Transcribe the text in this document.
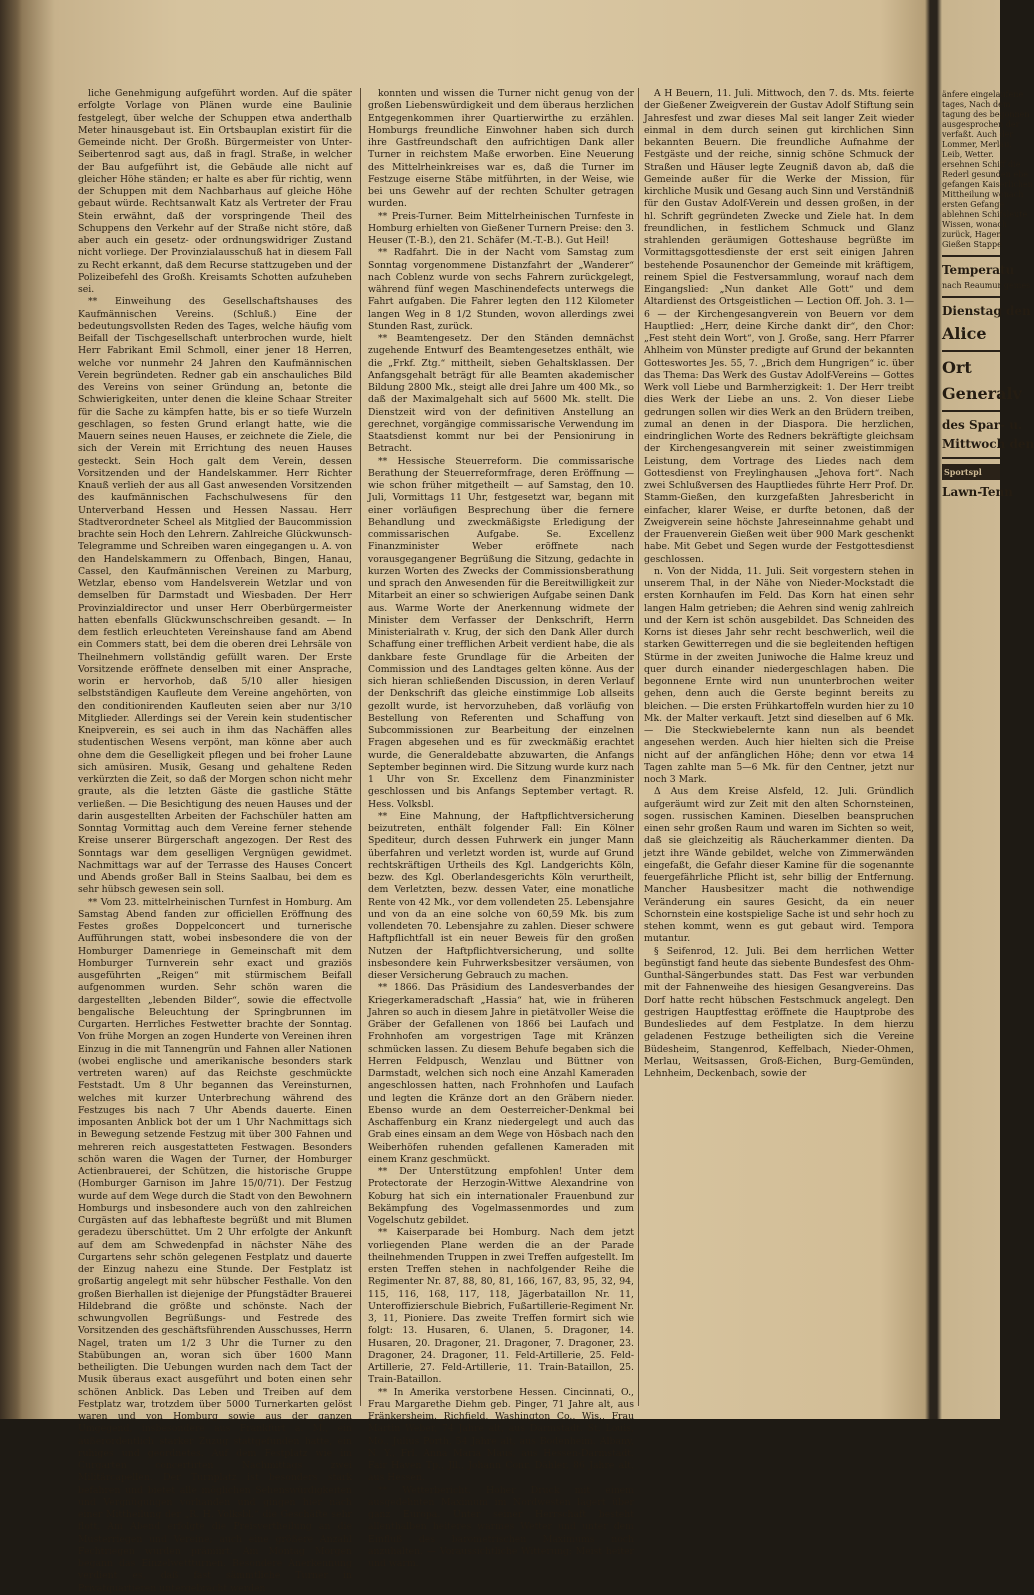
liche Genehmigung aufgeführt worden. Auf die später erfolgte Vorlage von Plänen wurde eine Baulinie festgelegt, über welche der Schuppen etwa anderthalb Meter hinausgebaut ist. Ein Ortsbauplan existirt für die Gemeinde nicht. Der Großh. Bürgermeister von Unter-Seibertenrod sagt aus, daß in fragl. Straße, in welcher der Bau aufgeführt ist, die Gebäude alle nicht auf gleicher Höhe ständen; er halte es aber für richtig, wenn der Schuppen mit dem Nachbarhaus auf gleiche Höhe gebaut würde. Rechtsanwalt Katz als Vertreter der Frau Stein erwähnt, daß der vorspringende Theil des Schuppens den Verkehr auf der Straße nicht störe, daß aber auch ein gesetz- oder ordnungswidriger Zustand nicht vorliege. Der Provinzialausschuß hat in diesem Fall zu Recht erkannt, daß dem Recurse stattzugeben und der Polizeibefehl des Großh. Kreisamts Schotten aufzuheben sei.

** Einweihung des Gesellschaftshauses des Kaufmännischen Vereins. (Schluß.) Eine der bedeutungsvollsten Reden des Tages, welche häufig vom Beifall der Tischgesellschaft unterbrochen wurde, hielt Herr Fabrikant Emil Schmoll, einer jener 18 Herren, welche vor nunmehr 24 Jahren den Kaufmännischen Verein begründeten. Redner gab ein anschauliches Bild des Vereins von seiner Gründung an, betonte die Schwierigkeiten, unter denen die kleine Schaar Streiter für die Sache zu kämpfen hatte, bis er so tiefe Wurzeln geschlagen, so festen Grund erlangt hatte, wie die Mauern seines neuen Hauses, er zeichnete die Ziele, die sich der Verein mit Errichtung des neuen Hauses gesteckt. Sein Hoch galt dem Verein, dessen Vorsitzenden und der Handelskammer. Herr Richter Knauß verlieh der aus all Gast anwesenden Vorsitzenden des kaufmännischen Fachschulwesens für den Unterverband Hessen und Hessen Nassau. Herr Stadtverordneter Scheel als Mitglied der Baucommission brachte sein Hoch den Lehrern. Zahlreiche Glückwunsch-Telegramme und Schreiben waren eingegangen u. A. von den Handelskammern zu Offenbach, Bingen, Hanau, Cassel, den Kaufmännischen Vereinen zu Marburg, Wetzlar, ebenso vom Handelsverein Wetzlar und von demselben für Darmstadt und Wiesbaden. Der Herr Provinzialdirector und unser Herr Oberbürgermeister hatten ebenfalls Glückwunschschreiben gesandt. — In dem festlich erleuchteten Vereinshause fand am Abend ein Commers statt, bei dem die oberen drei Lehrsäle von Theilnehmern vollständig gefüllt waren. Der Erste Vorsitzende eröffnete denselben mit einer Ansprache, worin er hervorhob, daß 5/10 aller hiesigen selbstständigen Kaufleute dem Vereine angehörten, von den conditionirenden Kaufleuten seien aber nur 3/10 Mitglieder. Allerdings sei der Verein kein studentischer Kneipverein, es sei auch in ihm das Nachäffen alles studentischen Wesens verpönt, man könne aber auch ohne dem die Geselligkeit pflegen und bei froher Laune sich amüsiren. Musik, Gesang und gehaltene Reden verkürzten die Zeit, so daß der Morgen schon nicht mehr graute, als die letzten Gäste die gastliche Stätte verließen. — Die Besichtigung des neuen Hauses und der darin ausgestellten Arbeiten der Fachschüler hatten am Sonntag Vormittag auch dem Vereine ferner stehende Kreise unserer Bürgerschaft angezogen. Der Rest des Sonntags war dem geselligen Vergnügen gewidmet. Nachmittags war auf der Terrasse des Hauses Concert und Abends großer Ball in Steins Saalbau, bei dem es sehr hübsch gewesen sein soll.

** Vom 23. mittelrheinischen Turnfest in Homburg. Am Samstag Abend fanden zur officiellen Eröffnung des Festes großes Doppelconcert und turnerische Aufführungen statt, wobei insbesondere die von der Homburger Damenriege in Gemeinschaft mit dem Homburger Turnverein sehr exact und graziös ausgeführten „Reigen“ mit stürmischem Beifall aufgenommen wurden. Sehr schön waren die dargestellten „lebenden Bilder“, sowie die effectvolle bengalische Beleuchtung der Springbrunnen im Curgarten. Herrliches Festwetter brachte der Sonntag. Von frühe Morgen an zogen Hunderte von Vereinen ihren Einzug in die mit Tannengrün und Fahnen aller Nationen (wobei englische und amerikanische besonders stark vertreten waren) auf das Reichste geschmückte Feststadt. Um 8 Uhr begannen das Vereinsturnen, welches mit kurzer Unterbrechung während des Festzuges bis nach 7 Uhr Abends dauerte. Einen imposanten Anblick bot der um 1 Uhr Nachmittags sich in Bewegung setzende Festzug mit über 300 Fahnen und mehreren reich ausgestatteten Festwagen. Besonders schön waren die Wagen der Turner, der Homburger Actienbrauerei, der Schützen, die historische Gruppe (Homburger Garnison im Jahre 15/0/71). Der Festzug wurde auf dem Wege durch die Stadt von den Bewohnern Homburgs und insbesondere auch von den zahlreichen Curgästen auf das lebhafteste begrüßt und mit Blumen geradezu überschüttet. Um 2 Uhr erfolgte der Ankunft auf dem am Schwedenpfad in nächster Nähe des Curgartens sehr schön gelegenen Festplatz und dauerte der Einzug nahezu eine Stunde. Der Festplatz ist großartig angelegt mit sehr hübscher Festhalle. Von den großen Bierhallen ist diejenige der Pfungstädter Brauerei Hildebrand die größte und schönste. Nach der schwungvollen Begrüßungs- und Festrede des Vorsitzenden des geschäftsführenden Ausschusses, Herrn Nagel, traten um 1/2 3 Uhr die Turner zu den Stabübungen an, woran sich über 1600 Mann betheiligten. Die Uebungen wurden nach dem Tact der Musik überaus exact ausgeführt und boten einen sehr schönen Anblick. Das Leben und Treiben auf dem Festplatz war, trotzdem über 5000 Turnerkarten gelöst waren und von Homburg sowie aus der ganzen Umgegend, insbesondere aus Frankfurt a. M., ein außerordentlich starker Zuzug stattgefunden hatte, ein ruhiges und geordnetes. Auf dem Festplatz wie im Curgarten concertirten Nachmittags zwei Militärcapellen. Der Turnplatz ist besonders stark befahren und bietet alle möglichen Sehenswürdigkeiten und Vergnügungen vorhanden und gingen hier nach einer Mittheilung der „R. H. Volksbl.“ die Geschäfte sehr flott. Am Abend erfolgte die Preisvertheilung an die Musterriegen und Vereine; auch eine größere Anzahl Fechtriegen wurden prämiirt. Am Montag Morgen begann das Einzelwettturnen. Besondere Anerkennung verdient es, daß fast sämmtliche Turner in Privatquartieren untergebracht werden

konnten und wissen die Turner nicht genug von der großen Liebenswürdigkeit und dem überaus herzlichen Entgegenkommen ihrer Quartierwirthe zu erzählen. Homburgs freundliche Einwohner haben sich durch ihre Gastfreundschaft den aufrichtigen Dank aller Turner in reichstem Maße erworben. Eine Neuerung des Mittelrheinkreises war es, daß die Turner im Festzuge eiserne Stäbe mitführten, in der Weise, wie bei uns Gewehr auf der rechten Schulter getragen wurden.

** Preis-Turner. Beim Mittelrheinischen Turnfeste in Homburg erhielten von Gießener Turnern Preise: den 3. Heuser (T.-B.), den 21. Schäfer (M.-T.-B.). Gut Heil!

** Radfahrt. Die in der Nacht vom Samstag zum Sonntag vorgenommene Distanzfahrt der „Wanderer“ nach Coblenz wurde von sechs Fahrern zurückgelegt, während fünf wegen Maschinendefects unterwegs die Fahrt aufgaben. Die Fahrer legten den 112 Kilometer langen Weg in 8 1/2 Stunden, wovon allerdings zwei Stunden Rast, zurück.

** Beamtengesetz. Der den Ständen demnächst zugehende Entwurf des Beamtengesetzes enthält, wie die „Frkf. Ztg.“ mittheilt, sieben Gehaltsklassen. Der Anfangsgehalt beträgt für alle Beamten akademischer Bildung 2800 Mk., steigt alle drei Jahre um 400 Mk., so daß der Maximalgehalt sich auf 5600 Mk. stellt. Die Dienstzeit wird von der definitiven Anstellung an gerechnet, vorgängige commissarische Verwendung im Staatsdienst kommt nur bei der Pensionirung in Betracht.

** Hessische Steuerreform. Die commissarische Berathung der Steuerreformfrage, deren Eröffnung — wie schon früher mitgetheilt — auf Samstag, den 10. Juli, Vormittags 11 Uhr, festgesetzt war, begann mit einer vorläufigen Besprechung über die fernere Behandlung und zweckmäßigste Erledigung der commissarischen Aufgabe. Se. Excellenz Finanzminister Weber eröffnete nach vorausgegangener Begrüßung die Sitzung, gedachte in kurzen Worten des Zwecks der Commissionsberathung und sprach den Anwesenden für die Bereitwilligkeit zur Mitarbeit an einer so schwierigen Aufgabe seinen Dank aus. Warme Worte der Anerkennung widmete der Minister dem Verfasser der Denkschrift, Herrn Ministerialrath v. Krug, der sich den Dank Aller durch Schaffung einer trefflichen Arbeit verdient habe, die als dankbare feste Grundlage für die Arbeiten der Commission und des Landtages gelten könne. Aus der sich hieran schließenden Discussion, in deren Verlauf der Denkschrift das gleiche einstimmige Lob allseits gezollt wurde, ist hervorzuheben, daß vorläufig von Bestellung von Referenten und Schaffung von Subcommissionen zur Bearbeitung der einzelnen Fragen abgesehen und es für zweckmäßig erachtet wurde, die Generaldebatte abzuwarten, die Anfangs September beginnen wird. Die Sitzung wurde kurz nach 1 Uhr von Sr. Excellenz dem Finanzminister geschlossen und bis Anfangs September vertagt. R. Hess. Volksbl.

** Eine Mahnung, der Haftpflichtversicherung beizutreten, enthält folgender Fall: Ein Kölner Spediteur, durch dessen Fuhrwerk ein junger Mann überfahren und verletzt worden ist, wurde auf Grund rechtskräftigen Urtheils des Kgl. Landgerichts Köln, bezw. des Kgl. Oberlandesgerichts Köln verurtheilt, dem Verletzten, bezw. dessen Vater, eine monatliche Rente von 42 Mk., vor dem vollendeten 25. Lebensjahre und von da an eine solche von 60,59 Mk. bis zum vollendeten 70. Lebensjahre zu zahlen. Dieser schwere Haftpflichtfall ist ein neuer Beweis für den großen Nutzen der Haftpflichtversicherung, und sollte insbesondere kein Fuhrwerksbesitzer versäumen, von dieser Versicherung Gebrauch zu machen.

** 1866. Das Präsidium des Landesverbandes der Kriegerkameradschaft „Hassia“ hat, wie in früheren Jahren so auch in diesem Jahre in pietätvoller Weise die Gräber der Gefallenen von 1866 bei Laufach und Frohnhofen am vorgestrigen Tage mit Kränzen schmücken lassen. Zu diesem Behufe begaben sich die Herren Feldpusch, Wenzlau und Büttner von Darmstadt, welchen sich noch eine Anzahl Kameraden angeschlossen hatten, nach Frohnhofen und Laufach und legten die Kränze dort an den Gräbern nieder. Ebenso wurde an dem Oesterreicher-Denkmal bei Aschaffenburg ein Kranz niedergelegt und auch das Grab eines einsam an dem Wege von Hösbach nach den Weiberhöfen ruhenden gefallenen Kameraden mit einem Kranz geschmückt.

** Der Unterstützung empfohlen! Unter dem Protectorate der Herzogin-Wittwe Alexandrine von Koburg hat sich ein internationaler Frauenbund zur Bekämpfung des Vogelmassenmordes und zum Vogelschutz gebildet.

** Kaiserparade bei Homburg. Nach dem jetzt vorliegenden Plane werden die an der Parade theilnehmenden Truppen in zwei Treffen aufgestellt. Im ersten Treffen stehen in nachfolgender Reihe die Regimenter Nr. 87, 88, 80, 81, 166, 167, 83, 95, 32, 94, 115, 116, 168, 117, 118, Jägerbataillon Nr. 11, Unteroffizierschule Biebrich, Fußartillerie-Regiment Nr. 3, 11, Pioniere. Das zweite Treffen formirt sich wie folgt: 13. Husaren, 6. Ulanen, 5. Dragoner, 14. Husaren, 20. Dragoner, 21. Dragoner, 7. Dragoner, 23. Dragoner, 24. Dragoner, 11. Feld-Artillerie, 25. Feld-Artillerie, 27. Feld-Artillerie, 11. Train-Bataillon, 25. Train-Bataillon.

** In Amerika verstorbene Hessen. Cincinnati, O., Frau Margarethe Diehm geb. Pinger, 71 Jahre alt, aus Fränkersheim. Richfield, Washington Co., Wis., Frau Martin Weber, 74 Jahre alt, aus Darmstadt. St. Louis, Mo., Julius Porth, 54 Jahre alt, aus Bodenheim. Albany, N. Y., Frl. Anna Maria Maus, aus Hessen-Darmstadt. Fair Haven Tp., Jll., Johann Conr. Dähler, 86 Jahre alt, aus Hessen.

** Wetterbericht. Hoher Druck mit einem ausgedehnten Maximum im Nordwesten lagert über ganz Europa. Unter seiner Herrschaft besteht allenthalben heiteres warmes Wetter und unter dem Einfluß des barometrischen Maximums noch anzuhalten. — Voraussichtliche Witterung: Meist heiter und warm.

A H Beuern, 11. Juli. Mittwoch, den 7. ds. Mts. feierte der Gießener Zweigverein der Gustav Adolf Stiftung sein Jahresfest und zwar dieses Mal seit langer Zeit wieder einmal in dem durch seinen gut kirchlichen Sinn bekannten Beuern. Die freundliche Aufnahme der Festgäste und der reiche, sinnig schöne Schmuck der Straßen und Häuser legte Zeugniß davon ab, daß die Gemeinde außer für die Werke der Mission, für kirchliche Musik und Gesang auch Sinn und Verständniß für den Gustav Adolf-Verein und dessen großen, in der hl. Schrift gegründeten Zwecke und Ziele hat. In dem freundlichen, in festlichem Schmuck und Glanz strahlenden geräumigen Gotteshause begrüßte im Vormittagsgottesdienste der erst seit einigen Jahren bestehende Posaunenchor der Gemeinde mit kräftigem, reinem Spiel die Festversammlung, worauf nach dem Eingangslied: „Nun danket Alle Gott“ und dem Altardienst des Ortsgeistlichen — Lection Off. Joh. 3. 1—6 — der Kirchengesangverein von Beuern vor dem Hauptlied: „Herr, deine Kirche dankt dir“, den Chor: „Fest steht dein Wort“, von J. Große, sang. Herr Pfarrer Ahlheim von Münster predigte auf Grund der bekannten Gotteswortes Jes. 55, 7. „Brich dem Hungrigen“ ic. über das Thema: Das Werk des Gustav Adolf-Vereins — Gottes Werk voll Liebe und Barmherzigkeit: 1. Der Herr treibt dies Werk der Liebe an uns. 2. Von dieser Liebe gedrungen sollen wir dies Werk an den Brüdern treiben, zumal an denen in der Diaspora. Die herzlichen, eindringlichen Worte des Redners bekräftigte gleichsam der Kirchengesangverein mit seiner zweistimmigen Leistung, dem Vortrage des Liedes nach dem Gottesdienst von Freylinghausen „Jehova fort“. Nach zwei Schlußversen des Hauptliedes führte Herr Prof. Dr. Stamm-Gießen, den kurzgefaßten Jahresbericht in einfacher, klarer Weise, er durfte betonen, daß der Zweigverein seine höchste Jahreseinnahme gehabt und der Frauenverein Gießen weit über 900 Mark geschenkt habe. Mit Gebet und Segen wurde der Festgottesdienst geschlossen.

n. Von der Nidda, 11. Juli. Seit vorgestern stehen in unserem Thal, in der Nähe von Nieder-Mockstadt die ersten Kornhaufen im Feld. Das Korn hat einen sehr langen Halm getrieben; die Aehren sind wenig zahlreich und der Kern ist schön ausgebildet. Das Schneiden des Korns ist dieses Jahr sehr recht beschwerlich, weil die starken Gewitterregen und die sie begleitenden heftigen Stürme in der zweiten Juniwoche die Halme kreuz und quer durch einander niedergeschlagen haben. Die begonnene Ernte wird nun ununterbrochen weiter gehen, denn auch die Gerste beginnt bereits zu bleichen. — Die ersten Frühkartoffeln wurden hier zu 10 Mk. der Malter verkauft. Jetzt sind dieselben auf 6 Mk. — Die Steckwiebelernte kann nun als beendet angesehen werden. Auch hier hielten sich die Preise nicht auf der anfänglichen Höhe; denn vor etwa 14 Tagen zahlte man 5—6 Mk. für den Centner, jetzt nur noch 3 Mark.

Δ Aus dem Kreise Alsfeld, 12. Juli. Gründlich aufgeräumt wird zur Zeit mit den alten Schornsteinen, sogen. russischen Kaminen. Dieselben beanspruchen einen sehr großen Raum und waren im Sichten so weit, daß sie gleichzeitig als Räucherkammer dienten. Da jetzt ihre Wände gebildet, welche von Zimmerwänden eingefaßt, die Gefahr dieser Kamine für die sogenannte feuergefährliche Pflicht ist, sehr billig der Entfernung. Mancher Hausbesitzer macht die nothwendige Veränderung ein saures Gesicht, da ein neuer Schornstein eine kostspielige Sache ist und sehr hoch zu stehen kommt, wenn es gut gebaut wird. Tempora mutantur.

§ Seifenrod, 12. Juli. Bei dem herrlichen Wetter begünstigt fand heute das siebente Bundesfest des Ohm-Gunthal-Sängerbundes statt. Das Fest war verbunden mit der Fahnenweihe des hiesigen Gesangvereins. Das Dorf hatte recht hübschen Festschmuck angelegt. Den gestrigen Hauptfesttag eröffnete die Hauptprobe des Bundesliedes auf dem Festplatze. In dem hierzu geladenen Festzuge betheiligten sich die Vereine Büdesheim, Stangenrod, Keffelbach, Nieder-Ohmen, Merlau, Weitsassen, Groß-Eichen, Burg-Gemünden, Lehnheim, Deckenbach, sowie der

änfere eingelaufene
tages, Nach dem
tagung des begonnen
ausgesprochen der
verfaßt. Auch der
Lommer, Merlau,
Leib, Wetter.
ersehnen Schiff die
Rederl gesunden ebe
gefangen Kaiserlichen
Mittheilung wonach
ersten Gefange
ablehnen Schifsleute
Wissen, wonach
zurück, Hagen
Gießen Stappe
Temperatu
nach Reaumur gemes
Dienstag den
Alice
Ort
Generalv
des Spar- u.
Mittwoch den
Sportspl
Lawn-Tenn
